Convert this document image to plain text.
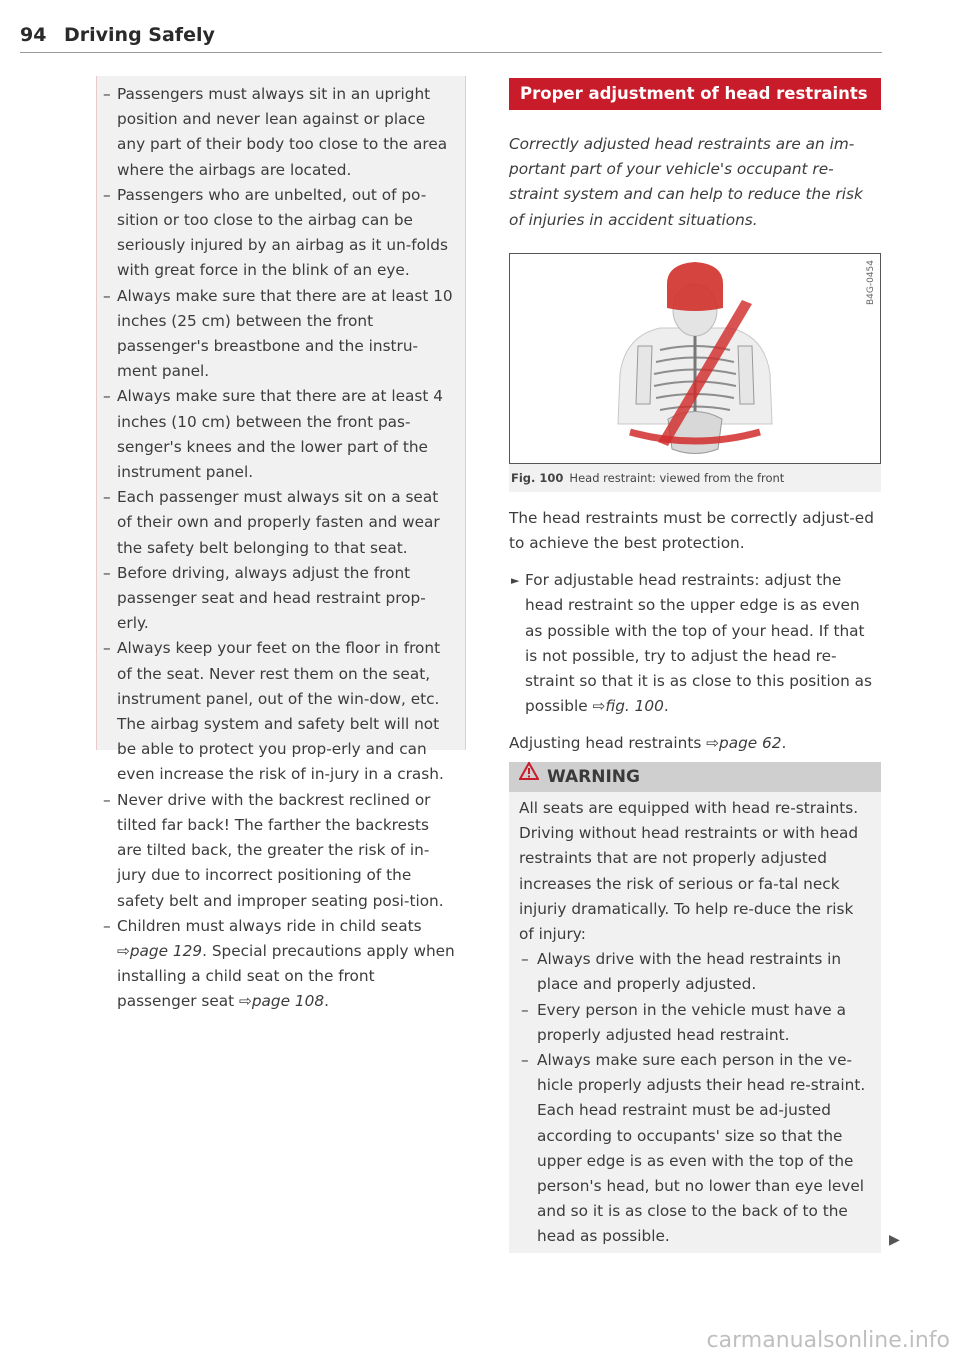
94 Driving Safely
– Passengers must always sit in an upright position and never lean against or place any part of their body too close to the area where the airbags are located.
– Passengers who are unbelted, out of po-sition or too close to the airbag can be seriously injured by an airbag as it un-folds with great force in the blink of an eye.
– Always make sure that there are at least 10 inches (25 cm) between the front passenger's breastbone and the instru-ment panel.
– Always make sure that there are at least 4 inches (10 cm) between the front pas-senger's knees and the lower part of the instrument panel.
– Each passenger must always sit on a seat of their own and properly fasten and wear the safety belt belonging to that seat.
– Before driving, always adjust the front passenger seat and head restraint prop-erly.
– Always keep your feet on the floor in front of the seat. Never rest them on the seat, instrument panel, out of the win-dow, etc. The airbag system and safety belt will not be able to protect you prop-erly and can even increase the risk of in-jury in a crash.
– Never drive with the backrest reclined or tilted far back! The farther the backrests are tilted back, the greater the risk of in-jury due to incorrect positioning of the safety belt and improper seating posi-tion.
– Children must always ride in child seats ⇨page 129. Special precautions apply when installing a child seat on the front passenger seat ⇨page 108.
Proper adjustment of head restraints

Correctly adjusted head restraints are an im-portant part of your vehicle's occupant re-straint system and can help to reduce the risk of injuries in accident situations.

B4G-0454
Fig. 100 Head restraint: viewed from the front

The head restraints must be correctly adjust-ed to achieve the best protection.

► For adjustable head restraints: adjust the head restraint so the upper edge is as even as possible with the top of your head. If that is not possible, try to adjust the head re-straint so that it is as close to this position as possible ⇨fig. 100.

Adjusting head restraints ⇨page 62.

WARNING

All seats are equipped with head re-straints. Driving without head restraints or with head restraints that are not properly adjusted increases the risk of serious or fa-tal neck injuriy dramatically. To help re-duce the risk of injury:

– Always drive with the head restraints in place and properly adjusted.
– Every person in the vehicle must have a properly adjusted head restraint.
– Always make sure each person in the ve-hicle properly adjusts their head re-straint. Each head restraint must be ad-justed according to occupants' size so that the upper edge is as even with the top of the person's head, but no lower than eye level and so it is as close to the back of to the head as possible.	▶
carmanualsonline.info
